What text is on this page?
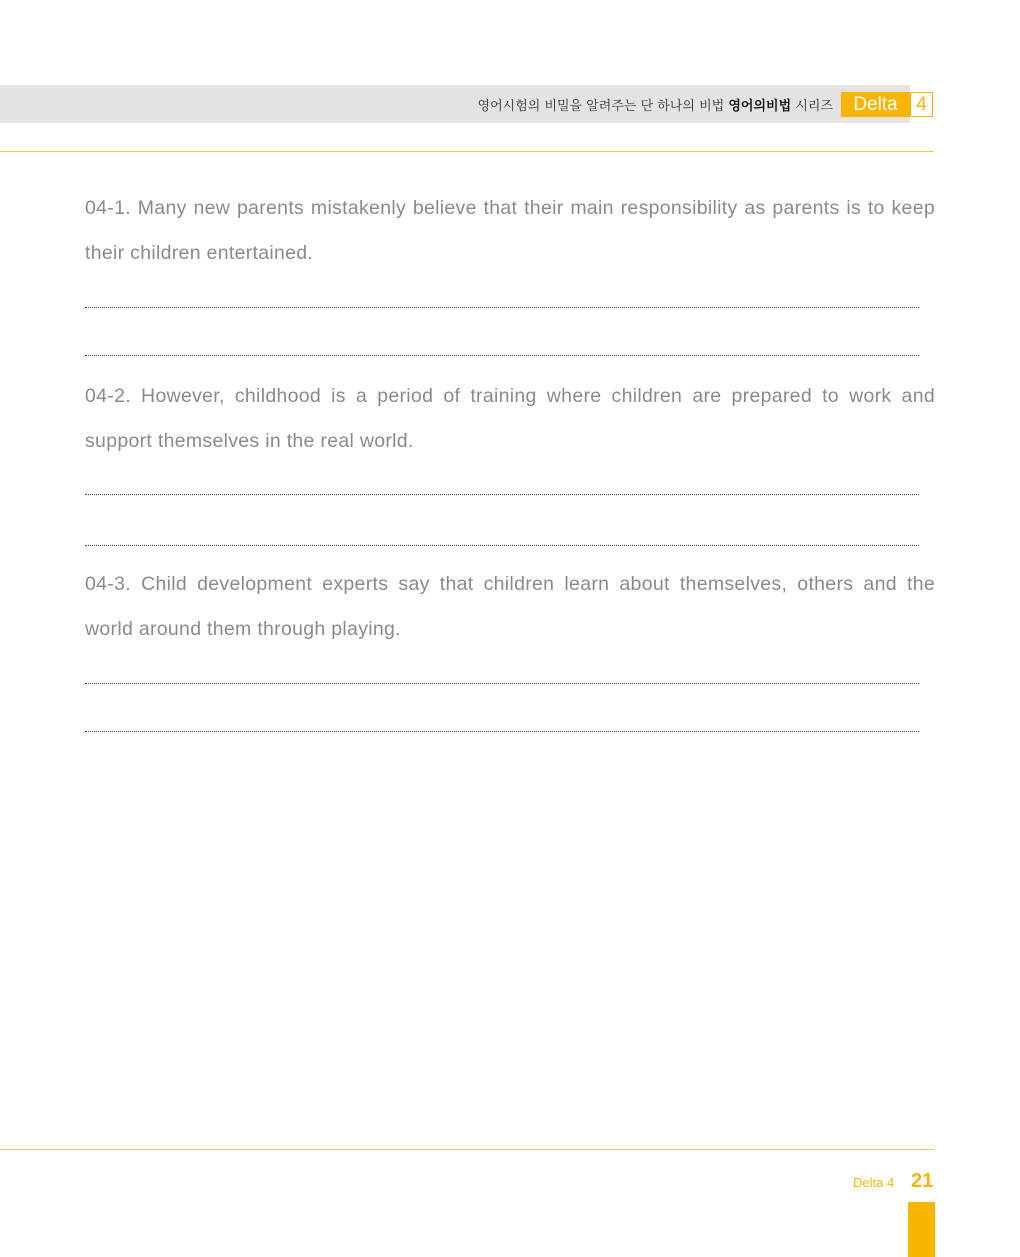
영어시험의 비밀을 알려주는 단 하나의 비법 영어의비법 시리즈	Delta 4

04-1. Many new parents mistakenly believe that their main responsibility as parents is to keep their children entertained.

04-2. However, childhood is a period of training where children are prepared to work and support themselves in the real world.

04-3. Child development experts say that children learn about themselves, others and the world around them through playing.

Delta 4 21
